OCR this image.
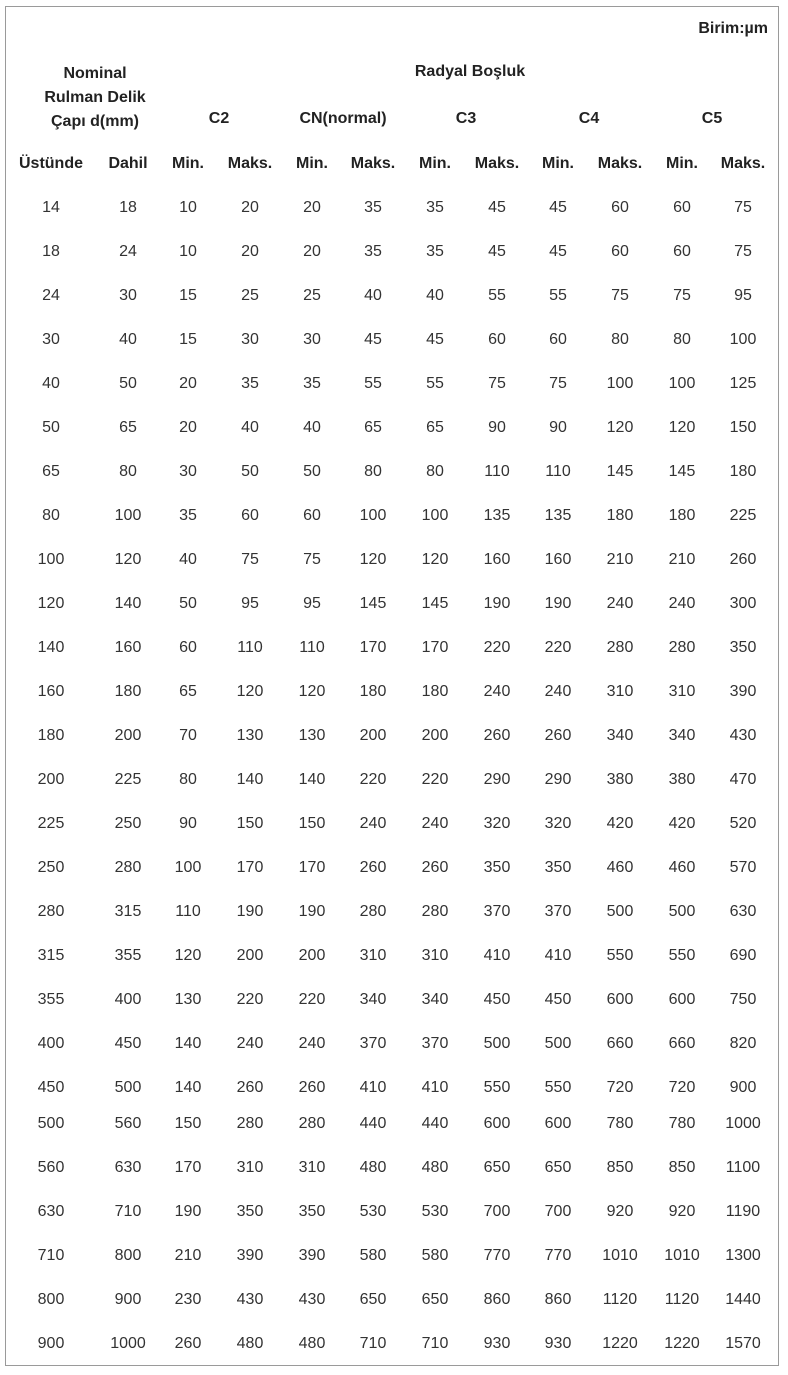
Birim:µm
Nominal
Rulman Delik
Çapı d(mm)
Radyal Boşluk
C2	CN(normal)	C3	C4	C5
Üstünde	Dahil	Min.	Maks.	Min.	Maks.	Min.	Maks.	Min.	Maks.	Min.	Maks.
14	18	10	20	20	35	35	45	45	60	60	75
18	24	10	20	20	35	35	45	45	60	60	75
24	30	15	25	25	40	40	55	55	75	75	95
30	40	15	30	30	45	45	60	60	80	80	100
40	50	20	35	35	55	55	75	75	100	100	125
50	65	20	40	40	65	65	90	90	120	120	150
65	80	30	50	50	80	80	110	110	145	145	180
80	100	35	60	60	100	100	135	135	180	180	225
100	120	40	75	75	120	120	160	160	210	210	260
120	140	50	95	95	145	145	190	190	240	240	300
140	160	60	110	110	170	170	220	220	280	280	350
160	180	65	120	120	180	180	240	240	310	310	390
180	200	70	130	130	200	200	260	260	340	340	430
200	225	80	140	140	220	220	290	290	380	380	470
225	250	90	150	150	240	240	320	320	420	420	520
250	280	100	170	170	260	260	350	350	460	460	570
280	315	110	190	190	280	280	370	370	500	500	630
315	355	120	200	200	310	310	410	410	550	550	690
355	400	130	220	220	340	340	450	450	600	600	750
400	450	140	240	240	370	370	500	500	660	660	820
450	500	140	260	260	410	410	550	550	720	720	900
500	560	150	280	280	440	440	600	600	780	780	1000
560	630	170	310	310	480	480	650	650	850	850	1100
630	710	190	350	350	530	530	700	700	920	920	1190
710	800	210	390	390	580	580	770	770	1010	1010	1300
800	900	230	430	430	650	650	860	860	1120	1120	1440
900	1000	260	480	480	710	710	930	930	1220	1220	1570
